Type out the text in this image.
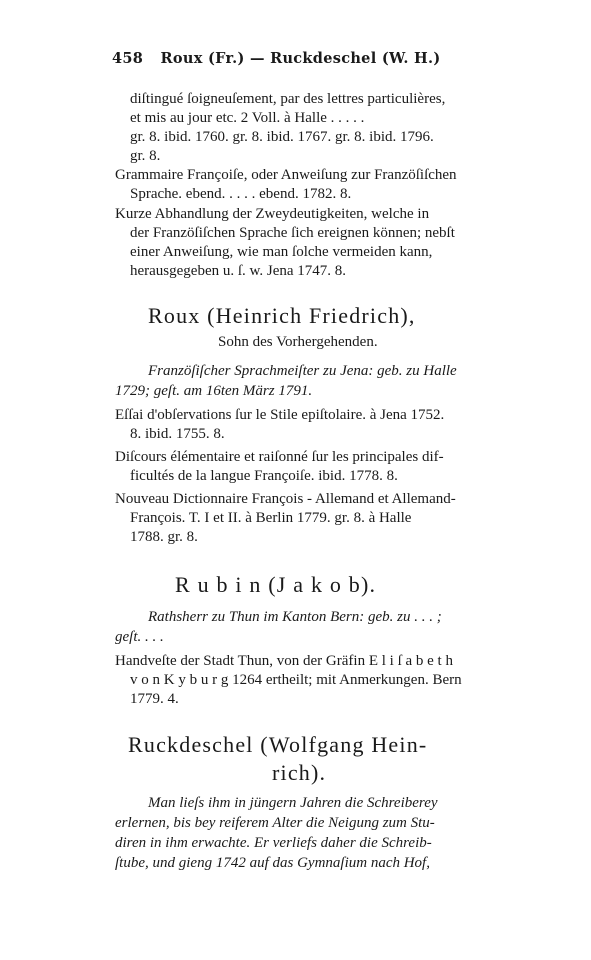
458 Roux (Fr.) — Ruckdeschel (W. H.)
diſtingué ſoigneuſement, par des lettres particulières,
et mis au jour etc. 2 Voll. à Halle . . . . .
gr. 8. ibid. 1760. gr. 8. ibid. 1767. gr. 8. ibid. 1796.
gr. 8.
Grammaire Françoiſe, oder Anweiſung zur Franzöſiſchen
Sprache. ebend. . . . . ebend. 1782. 8.
Kurze Abhandlung der Zweydeutigkeiten, welche in
der Franzöſiſchen Sprache ſich ereignen können; nebſt
einer Anweiſung, wie man ſolche vermeiden kann,
herausgegeben u. ſ. w. Jena 1747. 8.
Roux (Heinrich Friedrich),
Sohn des Vorhergehenden.
Franzöſiſcher Sprachmeiſter zu Jena: geb. zu Halle
1729; geſt. am 16ten März 1791.
Eſſai d'obſervations ſur le Stile epiſtolaire. à Jena 1752.
8. ibid. 1755. 8.
Diſcours élémentaire et raiſonné ſur les principales dif-
ficultés de la langue Françoiſe. ibid. 1778. 8.
Nouveau Dictionnaire François - Allemand et Allemand-
François. T. I et II. à Berlin 1779. gr. 8. à Halle
1788. gr. 8.
R u b i n (J a k o b).
Rathsherr zu Thun im Kanton Bern: geb. zu . . . ;
geſt. . . .
Handveſte der Stadt Thun, von der Gräfin E l i ſ a b e t h
v o n K y b u r g 1264 ertheilt; mit Anmerkungen. Bern
1779. 4.
Ruckdeschel (Wolfgang Hein-
rich).
Man lieſs ihm in jüngern Jahren die Schreiberey
erlernen, bis bey reiferem Alter die Neigung zum Stu-
diren in ihm erwachte. Er verliefs daher die Schreib-
ſtube, und gieng 1742 auf das Gymnaſium nach Hof,
